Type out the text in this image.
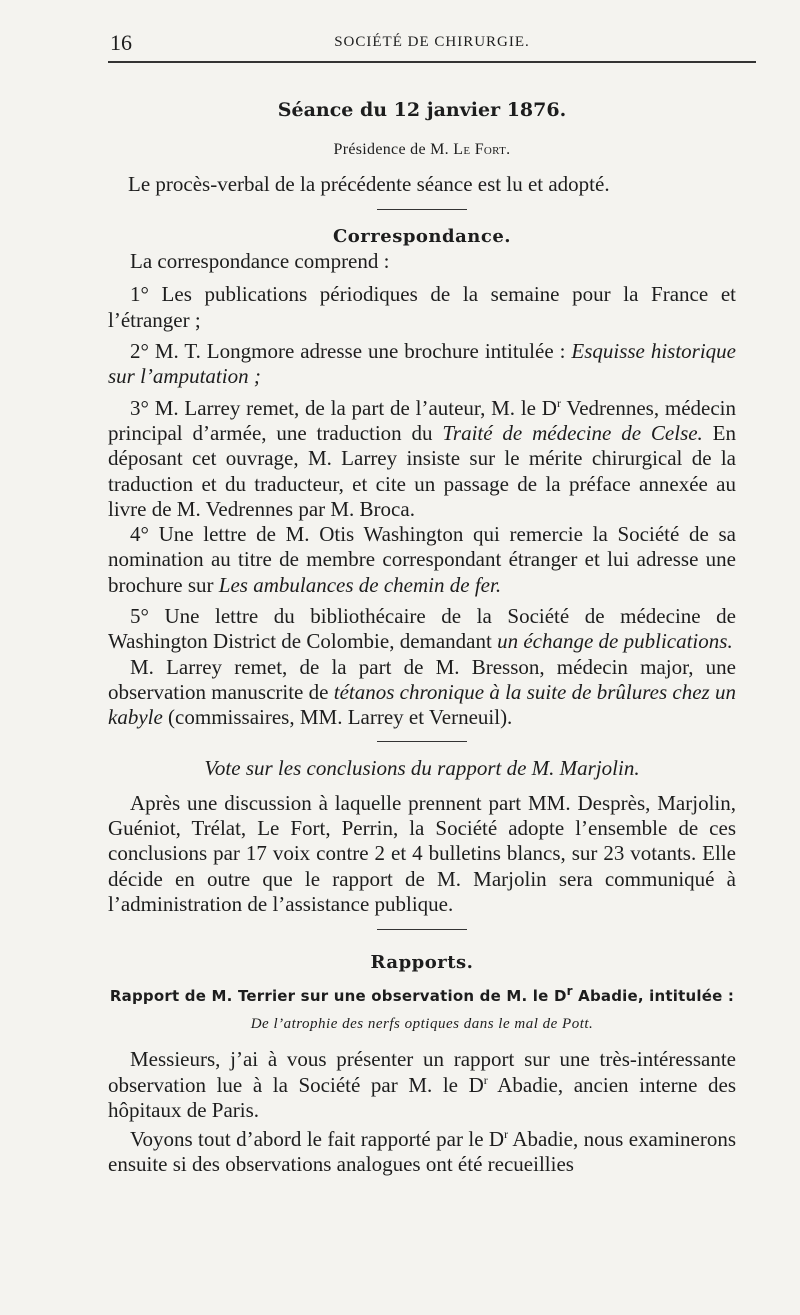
16	SOCIÉTÉ DE CHIRURGIE.
Séance du 12 janvier 1876.
Présidence de M. Le Fort.

Le procès-verbal de la précédente séance est lu et adopté.

Correspondance.

La correspondance comprend :

1° Les publications périodiques de la semaine pour la France et l’étranger ;

2° M. T. Longmore adresse une brochure intitulée : Esquisse historique sur l’amputation ;

3° M. Larrey remet, de la part de l’auteur, M. le $D^r$ Vedrennes, médecin principal d’armée, une traduction du Traité de médecine de Celse. En déposant cet ouvrage, M. Larrey insiste sur le mérite chirurgical de la traduction et du traducteur, et cite un passage de la préface annexée au livre de M. Vedrennes par M. Broca.

4° Une lettre de M. Otis Washington qui remercie la Société de sa nomination au titre de membre correspondant étranger et lui adresse une brochure sur Les ambulances de chemin de fer.

5° Une lettre du bibliothécaire de la Société de médecine de Washington District de Colombie, demandant un échange de publications.

M. Larrey remet, de la part de M. Bresson, médecin major, une observation manuscrite de tétanos chronique à la suite de brûlures chez un kabyle (commissaires, MM. Larrey et Verneuil).

Vote sur les conclusions du rapport de M. Marjolin.

Après une discussion à laquelle prennent part MM. Desprès, Marjolin, Guéniot, Trélat, Le Fort, Perrin, la Société adopte l’ensemble de ces conclusions par 17 voix contre 2 et 4 bulletins blancs, sur 23 votants. Elle décide en outre que le rapport de M. Marjolin sera communiqué à l’administration de l’assistance publique.

Rapports.
Rapport de M. Terrier sur une observation de M. le $D^r$ Abadie, intitulée :
De l’atrophie des nerfs optiques dans le mal de Pott.

Messieurs, j’ai à vous présenter un rapport sur une très-intéressante observation lue à la Société par M. le $D^r$ Abadie, ancien interne des hôpitaux de Paris.

Voyons tout d’abord le fait rapporté par le $D^r$ Abadie, nous examinerons ensuite si des observations analogues ont été recueillies
